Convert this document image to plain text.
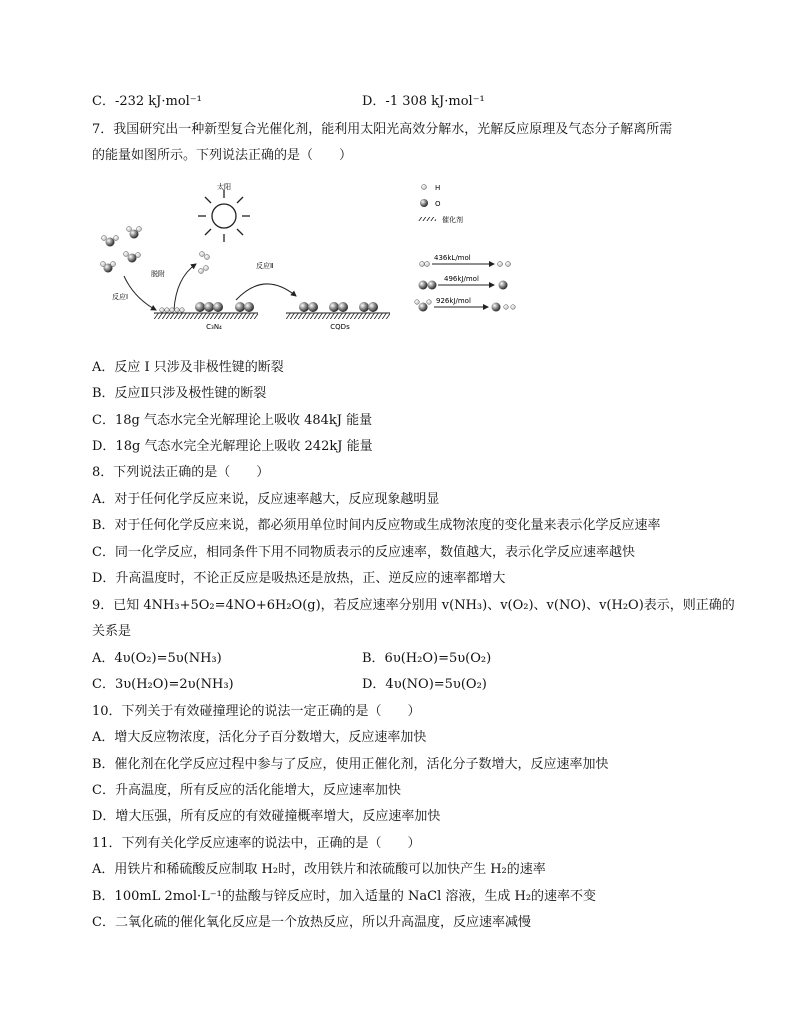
C．-232 kJ·mol⁻¹	D．-1 308 kJ·mol⁻¹
7．我国研究出一种新型复合光催化剂，能利用太阳光高效分解水，光解反应原理及气态分子解离所需
的能量如图所示。下列说法正确的是（　　）
太阳
反应Ⅰ
脱附
C₃N₄
反应Ⅱ
CQDs
H
O
催化剂
436kL/mol
496kJ/mol
926kJ/mol
A．反应 I 只涉及非极性键的断裂
B．反应Ⅱ只涉及极性键的断裂
C．18g 气态水完全光解理论上吸收 484kJ 能量
D．18g 气态水完全光解理论上吸收 242kJ 能量
8．下列说法正确的是（　　）
A．对于任何化学反应来说，反应速率越大，反应现象越明显
B．对于任何化学反应来说，都必须用单位时间内反应物或生成物浓度的变化量来表示化学反应速率
C．同一化学反应，相同条件下用不同物质表示的反应速率，数值越大，表示化学反应速率越快
D．升高温度时，不论正反应是吸热还是放热，正、逆反应的速率都增大
9．已知 4NH₃+5O₂=4NO+6H₂O(g)，若反应速率分别用 v(NH₃)、v(O₂)、v(NO)、v(H₂O)表示，则正确的
关系是
A．4υ(O₂)=5υ(NH₃)	B．6υ(H₂O)=5υ(O₂)
C．3υ(H₂O)=2υ(NH₃)	D．4υ(NO)=5υ(O₂)
10．下列关于有效碰撞理论的说法一定正确的是（　　）
A．增大反应物浓度，活化分子百分数增大，反应速率加快
B．催化剂在化学反应过程中参与了反应，使用正催化剂，活化分子数增大，反应速率加快
C．升高温度，所有反应的活化能增大，反应速率加快
D．增大压强，所有反应的有效碰撞概率增大，反应速率加快
11．下列有关化学反应速率的说法中，正确的是（　　）
A．用铁片和稀硫酸反应制取 H₂时，改用铁片和浓硫酸可以加快产生 H₂的速率
B．100mL 2mol·L⁻¹的盐酸与锌反应时，加入适量的 NaCl 溶液，生成 H₂的速率不变
C．二氧化硫的催化氧化反应是一个放热反应，所以升高温度，反应速率减慢
